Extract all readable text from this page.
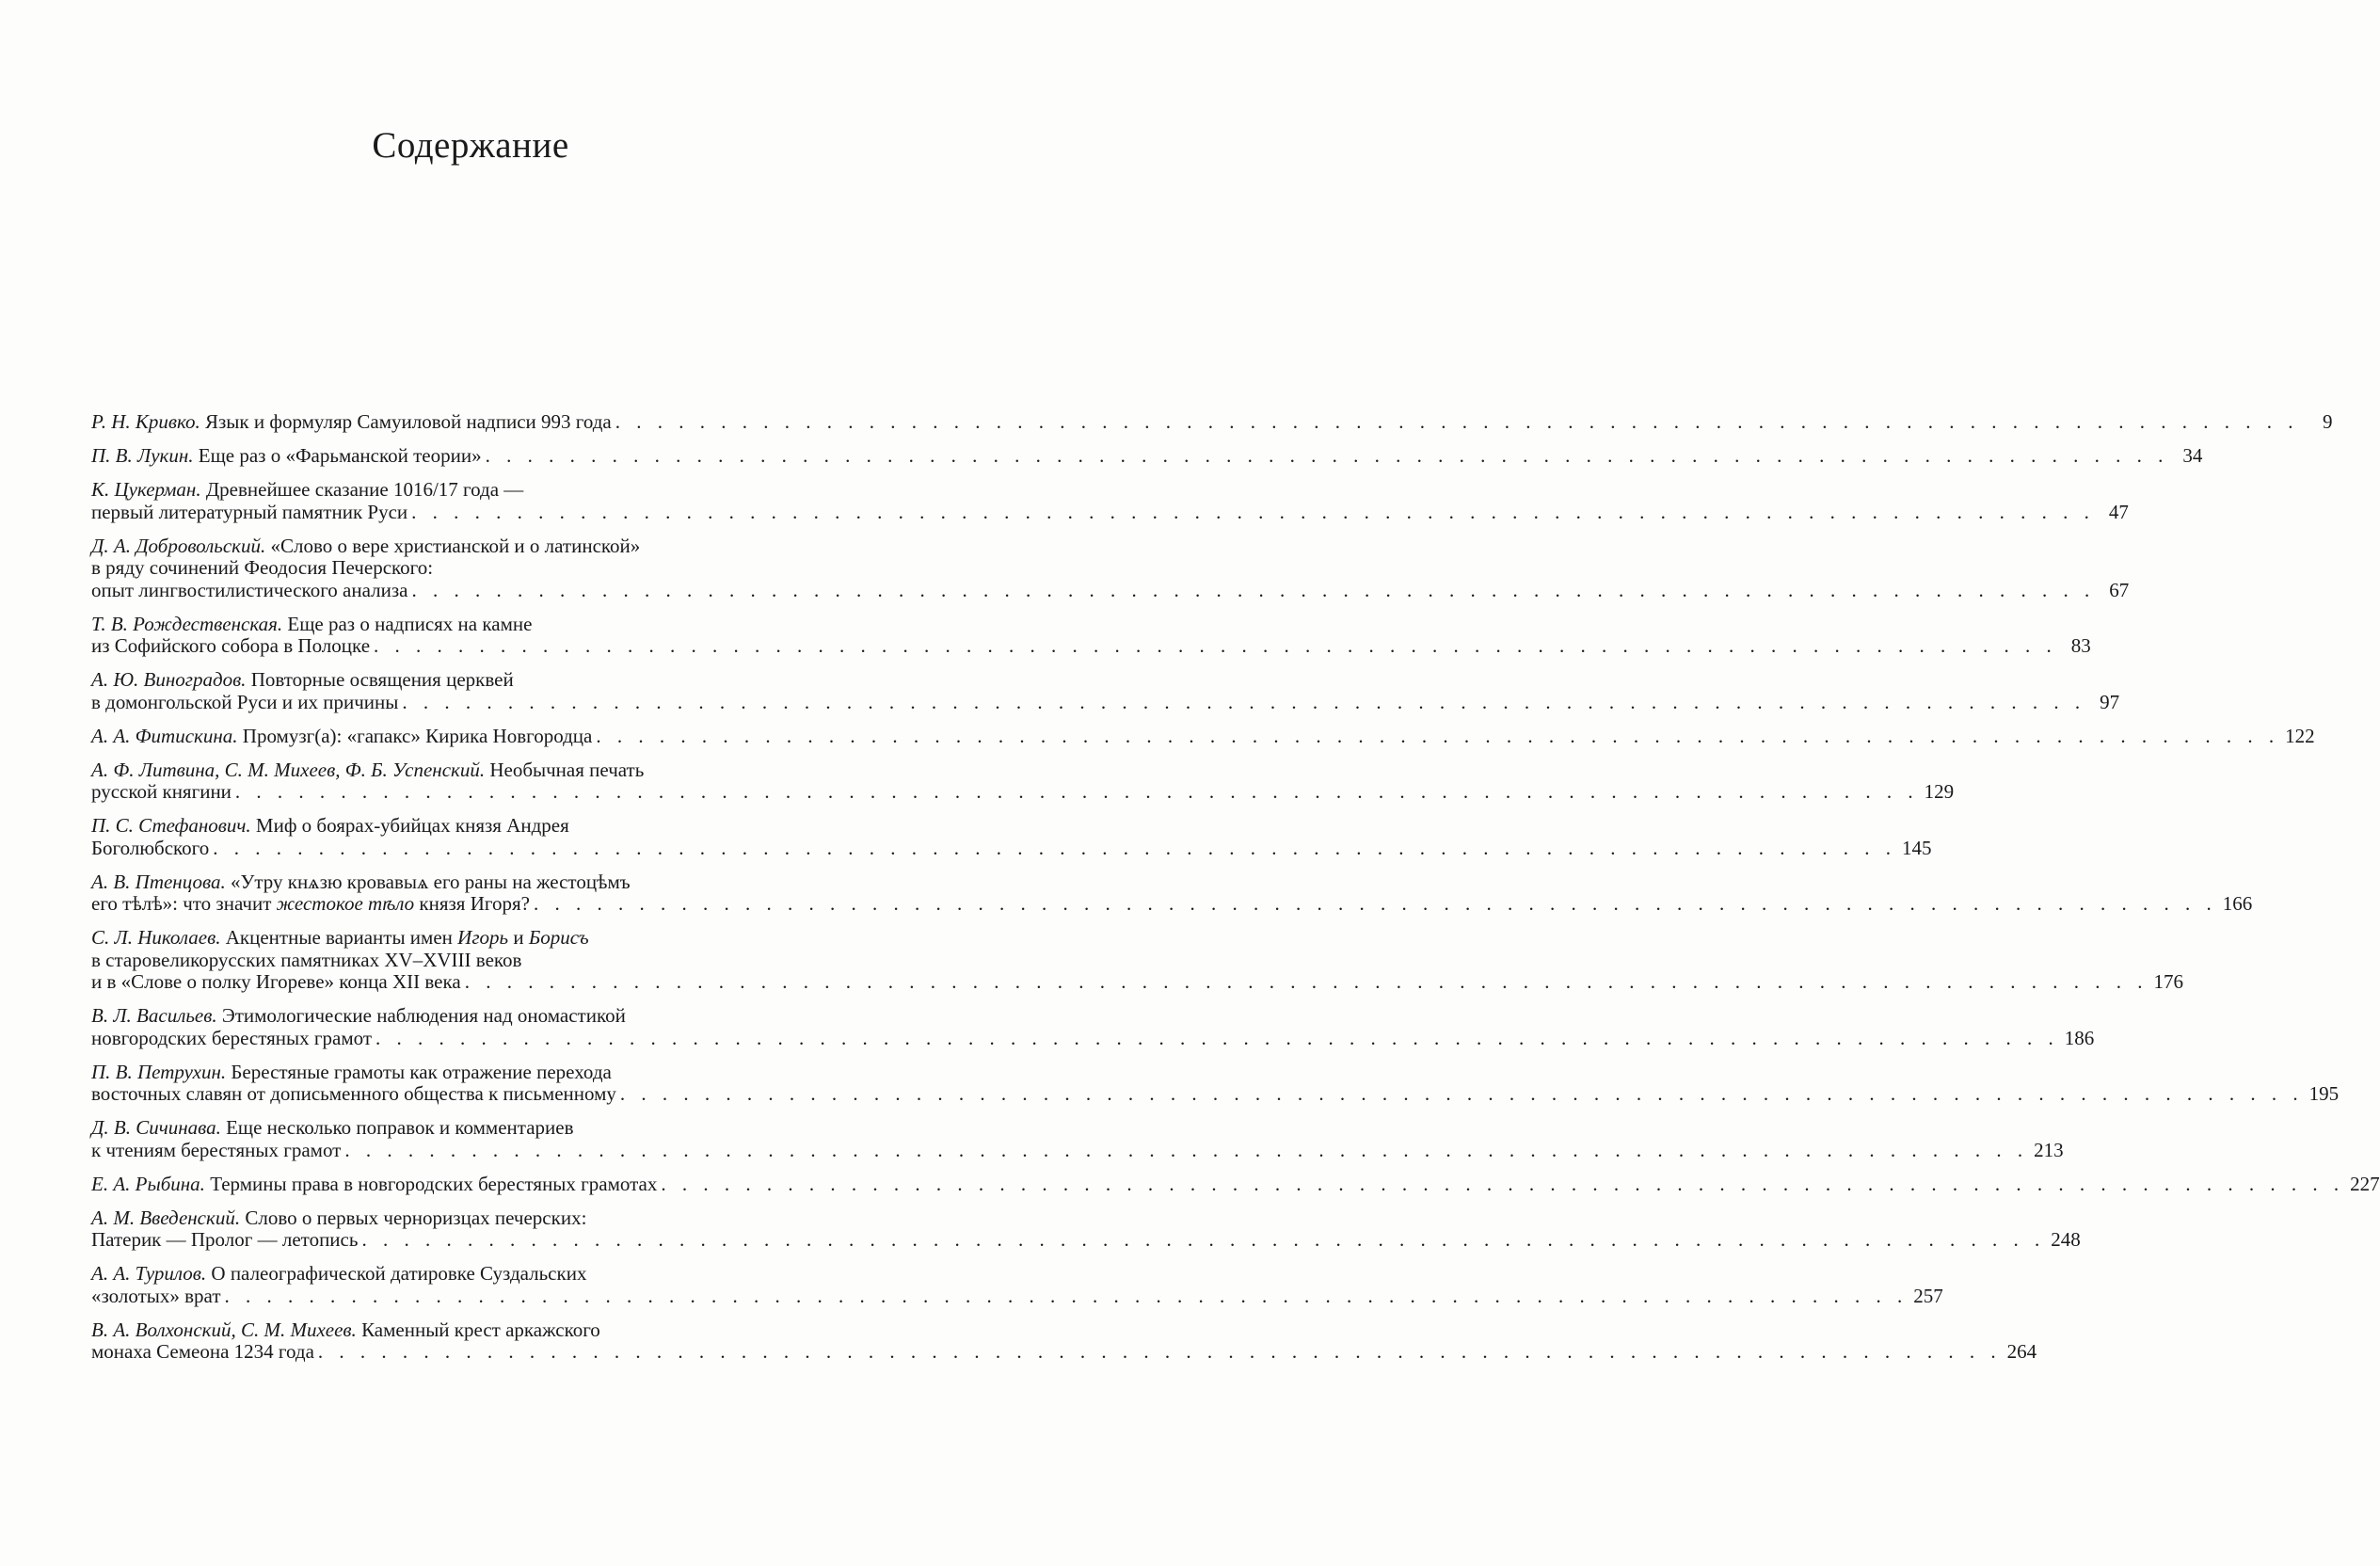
Содержание
Р. Н. Кривко. Язык и формуляр Самуиловой надписи 993 года . . . . . . . . . . . . . . . . . . . . . . . . . . . . . . . . . . . . . . . . . . . . . . . . . . . . . . . . . . . . . . . . . . . . . . . . . . . . . . . .	9
П. В. Лукин. Еще раз о «Фарьманской теории» . . . . . . . . . . . . . . . . . . . . . . . . . . . . . . . . . . . . . . . . . . . . . . . . . . . . . . . . . . . . . . . . . . . . . . . . . . . . . . . . 34
К. Цукерман. Древнейшее сказание 1016/17 года —
первый литературный памятник Руси . . . . . . . . . . . . . . . . . . . . . . . . . . . . . . . . . . . . . . . . . . . . . . . . . . . . . . . . . . . . . . . . . . . . . . . . . . . . . . . . 47
Д. А. Добровольский. «Слово о вере христианской и о латинской»
в ряду сочинений Феодосия Печерского:
опыт лингвостилистического анализа . . . . . . . . . . . . . . . . . . . . . . . . . . . . . . . . . . . . . . . . . . . . . . . . . . . . . . . . . . . . . . . . . . . . . . . . . . . . . . . . 67
Т. В. Рождественская. Еще раз о надписях на камне
из Софийского собора в Полоцке . . . . . . . . . . . . . . . . . . . . . . . . . . . . . . . . . . . . . . . . . . . . . . . . . . . . . . . . . . . . . . . . . . . . . . . . . . . . . . . . 83
А. Ю. Виноградов. Повторные освящения церквей
в домонгольской Руси и их причины . . . . . . . . . . . . . . . . . . . . . . . . . . . . . . . . . . . . . . . . . . . . . . . . . . . . . . . . . . . . . . . . . . . . . . . . . . . . . . . . 97
А. А. Фитискина. Промузг(а): «гапакс» Кирика Новгородца . . . . . . . . . . . . . . . . . . . . . . . . . . . . . . . . . . . . . . . . . . . . . . . . . . . . . . . . . . . . . . . . . . . . . . . . . . . . . . . . 122
А. Ф. Литвина, С. М. Михеев, Ф. Б. Успенский. Необычная печать
русской княгини . . . . . . . . . . . . . . . . . . . . . . . . . . . . . . . . . . . . . . . . . . . . . . . . . . . . . . . . . . . . . . . . . . . . . . . . . . . . . . . . 129
П. С. Стефанович. Миф о боярах-убийцах князя Андрея
Боголюбского . . . . . . . . . . . . . . . . . . . . . . . . . . . . . . . . . . . . . . . . . . . . . . . . . . . . . . . . . . . . . . . . . . . . . . . . . . . . . . . . 145
А. В. Птенцова. «Утру кнѧзю кровавыѧ его раны на жестоцѣмъ
его тѣлѣ»: что значит жестокое тѣло князя Игоря? . . . . . . . . . . . . . . . . . . . . . . . . . . . . . . . . . . . . . . . . . . . . . . . . . . . . . . . . . . . . . . . . . . . . . . . . . . . . . . . . 166
С. Л. Николаев. Акцентные варианты имен Игорь и Борисъ
в старовеликорусских памятниках XV–XVIII веков
и в «Слове о полку Игореве» конца XII века . . . . . . . . . . . . . . . . . . . . . . . . . . . . . . . . . . . . . . . . . . . . . . . . . . . . . . . . . . . . . . . . . . . . . . . . . . . . . . . . 176
В. Л. Васильев. Этимологические наблюдения над ономастикой
новгородских берестяных грамот . . . . . . . . . . . . . . . . . . . . . . . . . . . . . . . . . . . . . . . . . . . . . . . . . . . . . . . . . . . . . . . . . . . . . . . . . . . . . . . . 186
П. В. Петрухин. Берестяные грамоты как отражение перехода
восточных славян от дописьменного общества к письменному . . . . . . . . . . . . . . . . . . . . . . . . . . . . . . . . . . . . . . . . . . . . . . . . . . . . . . . . . . . . . . . . . . . . . . . . . . . . . . . . 195
Д. В. Сичинава. Еще несколько поправок и комментариев
к чтениям берестяных грамот . . . . . . . . . . . . . . . . . . . . . . . . . . . . . . . . . . . . . . . . . . . . . . . . . . . . . . . . . . . . . . . . . . . . . . . . . . . . . . . . 213
Е. А. Рыбина. Термины права в новгородских берестяных грамотах . . . . . . . . . . . . . . . . . . . . . . . . . . . . . . . . . . . . . . . . . . . . . . . . . . . . . . . . . . . . . . . . . . . . . . . . . . . . . . . . 227
А. М. Введенский. Слово о первых черноризцах печерских:
Патерик — Пролог — летопись . . . . . . . . . . . . . . . . . . . . . . . . . . . . . . . . . . . . . . . . . . . . . . . . . . . . . . . . . . . . . . . . . . . . . . . . . . . . . . . . 248
А. А. Турилов. О палеографической датировке Суздальских
«золотых» врат . . . . . . . . . . . . . . . . . . . . . . . . . . . . . . . . . . . . . . . . . . . . . . . . . . . . . . . . . . . . . . . . . . . . . . . . . . . . . . . . 257
В. А. Волхонский, С. М. Михеев. Каменный крест аркажского
монаха Семеона 1234 года . . . . . . . . . . . . . . . . . . . . . . . . . . . . . . . . . . . . . . . . . . . . . . . . . . . . . . . . . . . . . . . . . . . . . . . . . . . . . . . . 264
